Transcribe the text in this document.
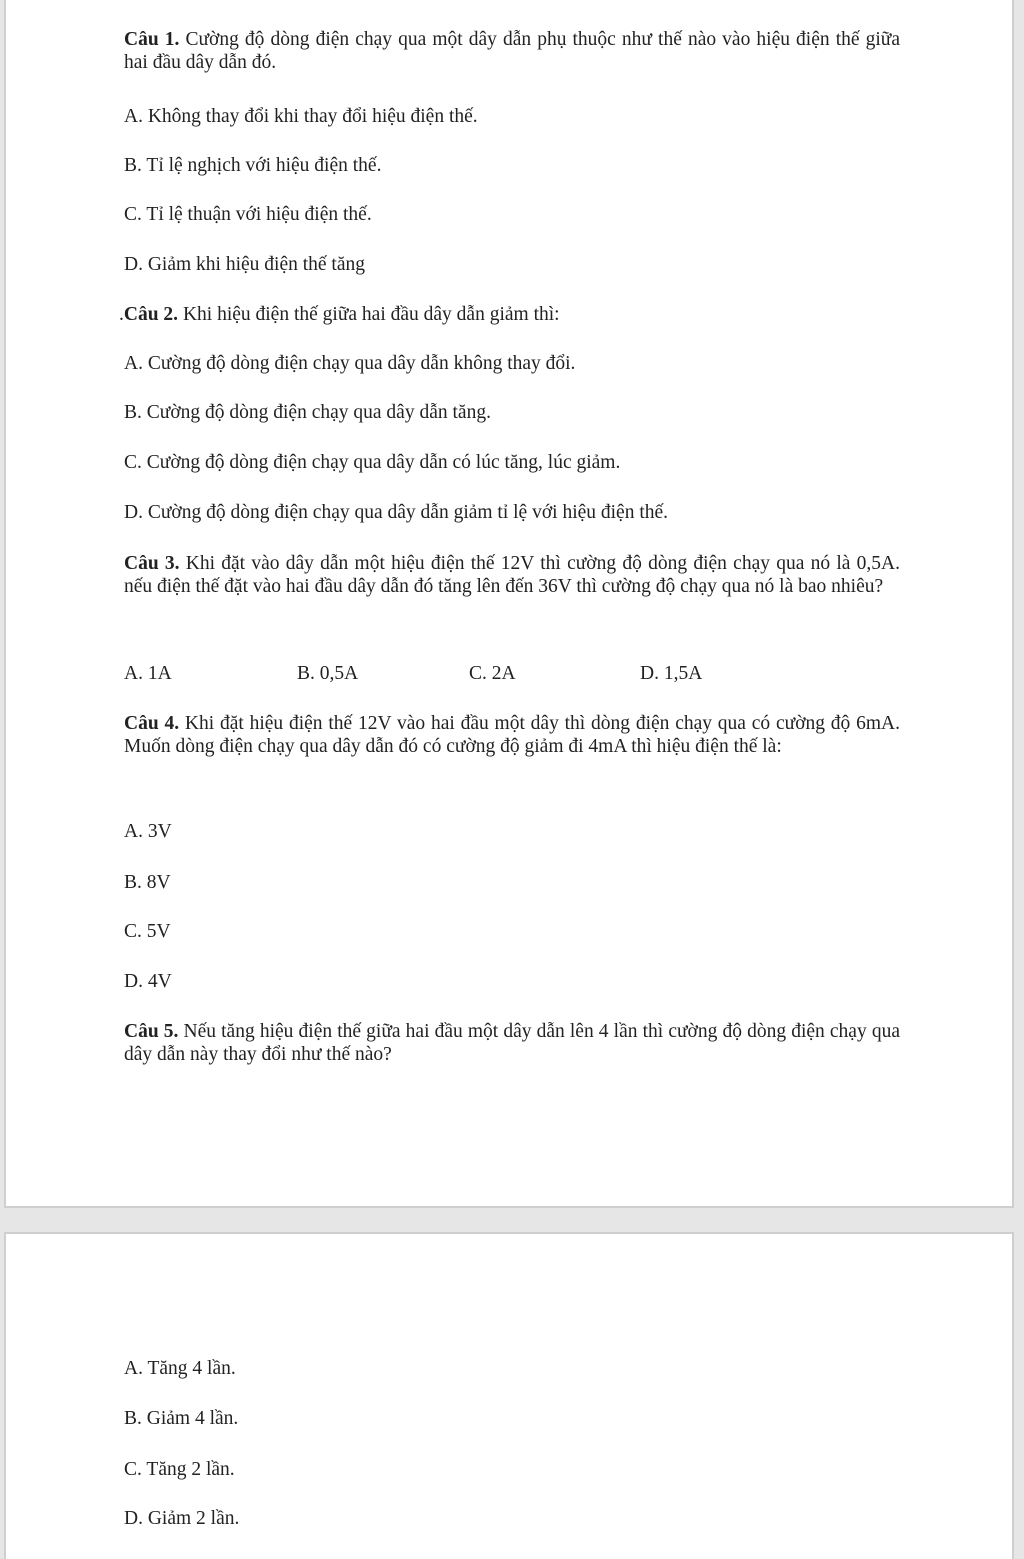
Câu 1. Cường độ dòng điện chạy qua một dây dẫn phụ thuộc như thế nào vào hiệu điện thế giữa hai đầu dây dẫn đó.
A. Không thay đổi khi thay đổi hiệu điện thế.
B. Tỉ lệ nghịch với hiệu điện thế.
C. Tỉ lệ thuận với hiệu điện thế.
D. Giảm khi hiệu điện thế tăng
.Câu 2. Khi hiệu điện thế giữa hai đầu dây dẫn giảm thì:
A. Cường độ dòng điện chạy qua dây dẫn không thay đổi.
B. Cường độ dòng điện chạy qua dây dẫn tăng.
C. Cường độ dòng điện chạy qua dây dẫn có lúc tăng, lúc giảm.
D. Cường độ dòng điện chạy qua dây dẫn giảm tỉ lệ với hiệu điện thế.
Câu 3. Khi đặt vào dây dẫn một hiệu điện thế 12V thì cường độ dòng điện chạy qua nó là 0,5A. nếu điện thế đặt vào hai đầu dây dẫn đó tăng lên đến 36V thì cường độ chạy qua nó là bao nhiêu?
A. 1A	B. 0,5A	C. 2A	D. 1,5A
Câu 4. Khi đặt hiệu điện thế 12V vào hai đầu một dây thì dòng điện chạy qua có cường độ 6mA. Muốn dòng điện chạy qua dây dẫn đó có cường độ giảm đi 4mA thì hiệu điện thế là:
A. 3V
B. 8V
C. 5V
D. 4V
Câu 5. Nếu tăng hiệu điện thế giữa hai đầu một dây dẫn lên 4 lần thì cường độ dòng điện chạy qua dây dẫn này thay đổi như thế nào?
A. Tăng 4 lần.
B. Giảm 4 lần.
C. Tăng 2 lần.
D. Giảm 2 lần.
